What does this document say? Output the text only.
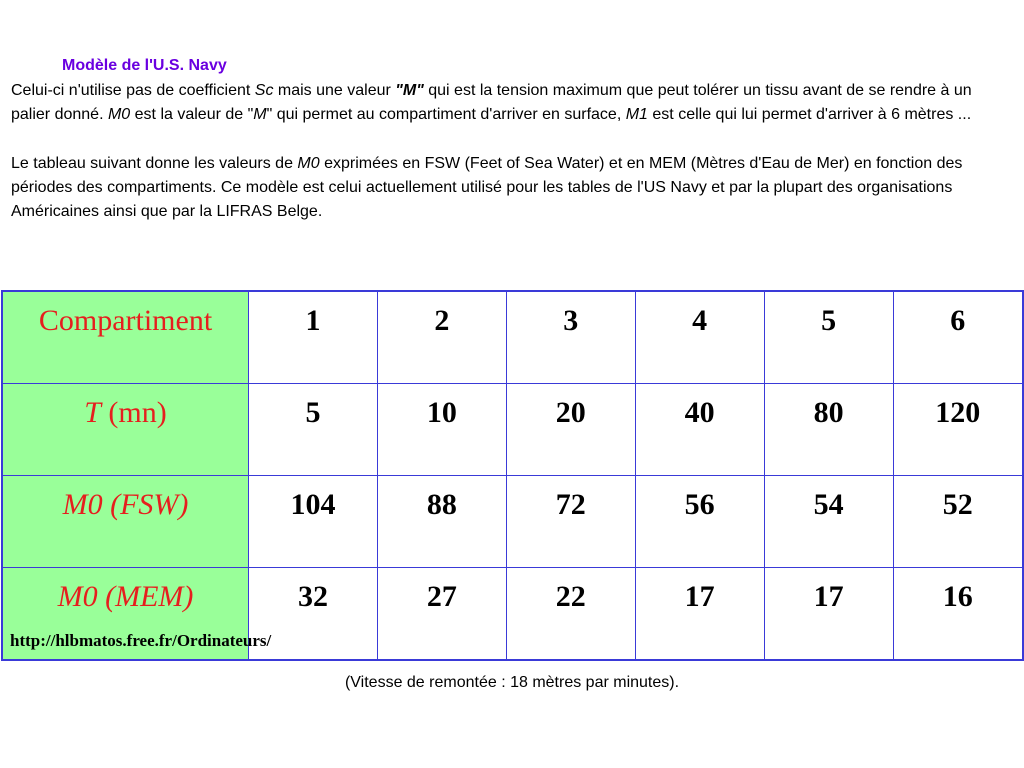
Modèle de l'U.S. Navy
Celui-ci n'utilise pas de coefficient Sc mais une valeur "M" qui est la tension maximum que peut tolérer un tissu avant de se rendre à un palier donné. M0 est la valeur de "M" qui permet au compartiment d'arriver en surface, M1 est celle qui lui permet d'arriver à 6 mètres ...
Le tableau suivant donne les valeurs de M0 exprimées en FSW (Feet of Sea Water) et en MEM (Mètres d'Eau de Mer) en fonction des périodes des compartiments. Ce modèle est celui actuellement utilisé pour les tables de l'US Navy et par la plupart des organisations Américaines ainsi que par la LIFRAS Belge.
Compartiment	1	2	3	4	5	6
T (mn)	5	10	20	40	80	120
M0 (FSW)	104	88	72	56	54	52
M0 (MEM)	32	27	22	17	17	16
http://hlbmatos.free.fr/Ordinateurs/
(Vitesse de remontée : 18 mètres par minutes).
